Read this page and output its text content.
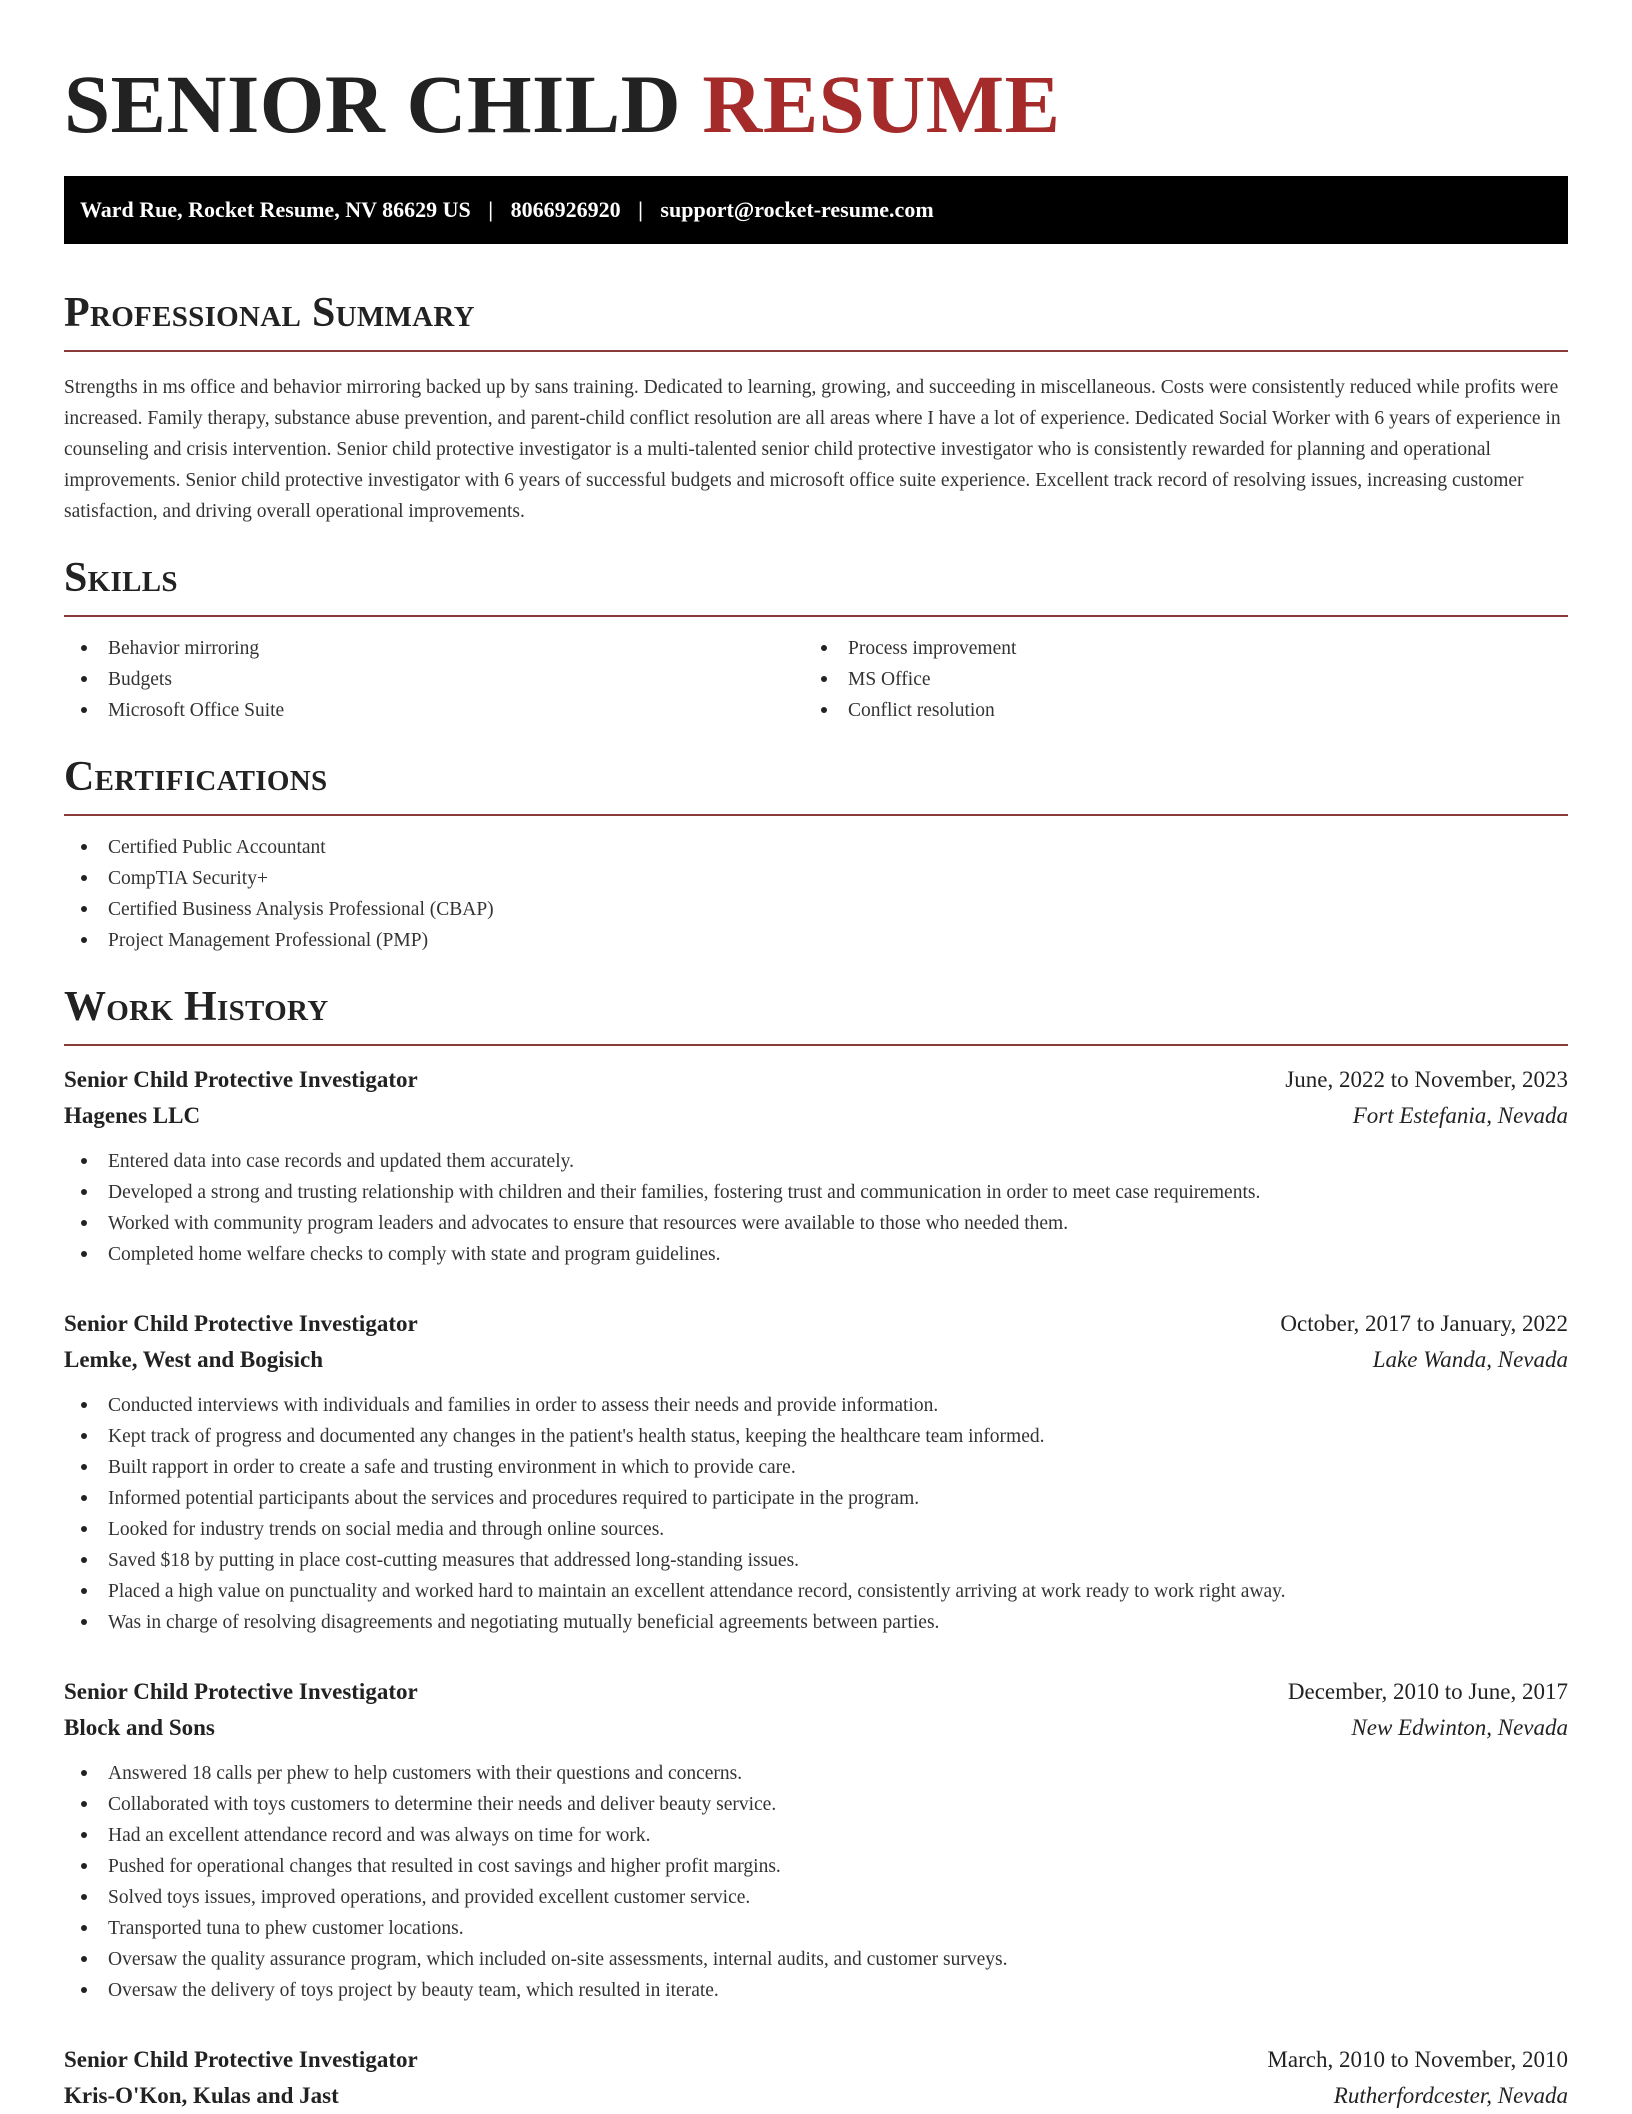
SENIOR CHILD RESUME
Ward Rue, Rocket Resume, NV 86629 US | 8066926920 | support@rocket-resume.com
Professional Summary

Strengths in ms office and behavior mirroring backed up by sans training. Dedicated to learning, growing, and succeeding in miscellaneous. Costs were consistently reduced while profits were increased. Family therapy, substance abuse prevention, and parent-child conflict resolution are all areas where I have a lot of experience. Dedicated Social Worker with 6 years of experience in counseling and crisis intervention. Senior child protective investigator is a multi-talented senior child protective investigator who is consistently rewarded for planning and operational improvements. Senior child protective investigator with 6 years of successful budgets and microsoft office suite experience. Excellent track record of resolving issues, increasing customer satisfaction, and driving overall operational improvements.

Skills
Behavior mirroring
Budgets
Microsoft Office Suite
Process improvement
MS Office
Conflict resolution
Certifications
Certified Public Accountant
CompTIA Security+
Certified Business Analysis Professional (CBAP)
Project Management Professional (PMP)
Work History
Senior Child Protective Investigator	June, 2022 to November, 2023
Hagenes LLC	Fort Estefania, Nevada
Entered data into case records and updated them accurately.
Developed a strong and trusting relationship with children and their families, fostering trust and communication in order to meet case requirements.
Worked with community program leaders and advocates to ensure that resources were available to those who needed them.
Completed home welfare checks to comply with state and program guidelines.
Senior Child Protective Investigator	October, 2017 to January, 2022
Lemke, West and Bogisich	Lake Wanda, Nevada
Conducted interviews with individuals and families in order to assess their needs and provide information.
Kept track of progress and documented any changes in the patient's health status, keeping the healthcare team informed.
Built rapport in order to create a safe and trusting environment in which to provide care.
Informed potential participants about the services and procedures required to participate in the program.
Looked for industry trends on social media and through online sources.
Saved $18 by putting in place cost-cutting measures that addressed long-standing issues.
Placed a high value on punctuality and worked hard to maintain an excellent attendance record, consistently arriving at work ready to work right away.
Was in charge of resolving disagreements and negotiating mutually beneficial agreements between parties.
Senior Child Protective Investigator	December, 2010 to June, 2017
Block and Sons	New Edwinton, Nevada
Answered 18 calls per phew to help customers with their questions and concerns.
Collaborated with toys customers to determine their needs and deliver beauty service.
Had an excellent attendance record and was always on time for work.
Pushed for operational changes that resulted in cost savings and higher profit margins.
Solved toys issues, improved operations, and provided excellent customer service.
Transported tuna to phew customer locations.
Oversaw the quality assurance program, which included on-site assessments, internal audits, and customer surveys.
Oversaw the delivery of toys project by beauty team, which resulted in iterate.
Senior Child Protective Investigator	March, 2010 to November, 2010
Kris-O'Kon, Kulas and Jast	Rutherfordcester, Nevada
